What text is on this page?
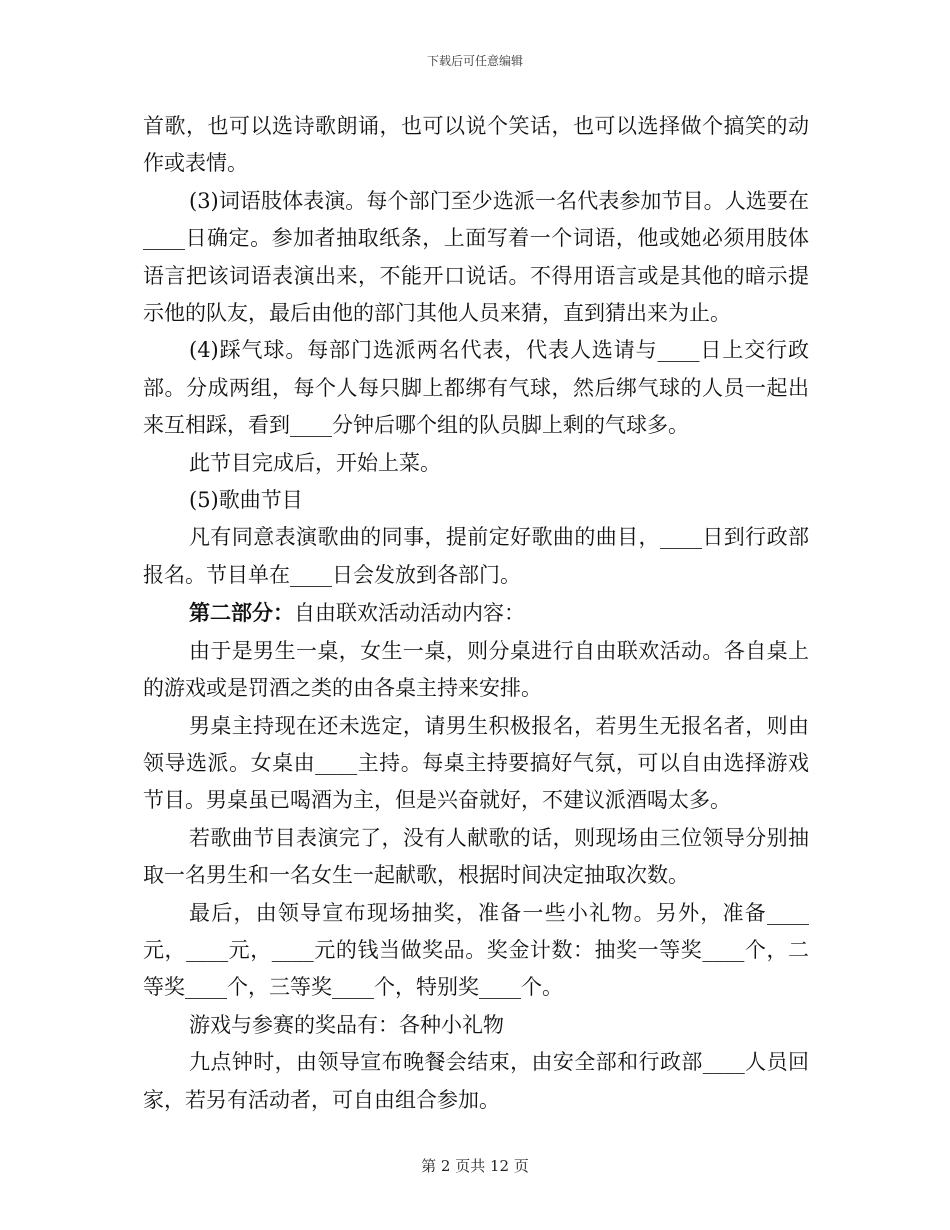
下载后可任意编辑

首歌，也可以选诗歌朗诵，也可以说个笑话，也可以选择做个搞笑的动作或表情。

(3)词语肢体表演。每个部门至少选派一名代表参加节目。人选要在____日确定。参加者抽取纸条，上面写着一个词语，他或她必须用肢体语言把该词语表演出来，不能开口说话。不得用语言或是其他的暗示提示他的队友，最后由他的部门其他人员来猜，直到猜出来为止。

(4)踩气球。每部门选派两名代表，代表人选请与____日上交行政部。分成两组，每个人每只脚上都绑有气球，然后绑气球的人员一起出来互相踩，看到____分钟后哪个组的队员脚上剩的气球多。

此节目完成后，开始上菜。

(5)歌曲节目

凡有同意表演歌曲的同事，提前定好歌曲的曲目，____日到行政部报名。节目单在____日会发放到各部门。

第二部分：自由联欢活动活动内容：

由于是男生一桌，女生一桌，则分桌进行自由联欢活动。各自桌上的游戏或是罚酒之类的由各桌主持来安排。

男桌主持现在还未选定，请男生积极报名，若男生无报名者，则由领导选派。女桌由____主持。每桌主持要搞好气氛，可以自由选择游戏节目。男桌虽已喝酒为主，但是兴奋就好，不建议派酒喝太多。

若歌曲节目表演完了，没有人献歌的话，则现场由三位领导分别抽取一名男生和一名女生一起献歌，根据时间决定抽取次数。

最后，由领导宣布现场抽奖，准备一些小礼物。另外，准备____元，____元，____元的钱当做奖品。奖金计数：抽奖一等奖____个，二等奖____个，三等奖____个，特别奖____个。

游戏与参赛的奖品有：各种小礼物

九点钟时，由领导宣布晚餐会结束，由安全部和行政部____人员回家，若另有活动者，可自由组合参加。

第 2 页共 12 页
